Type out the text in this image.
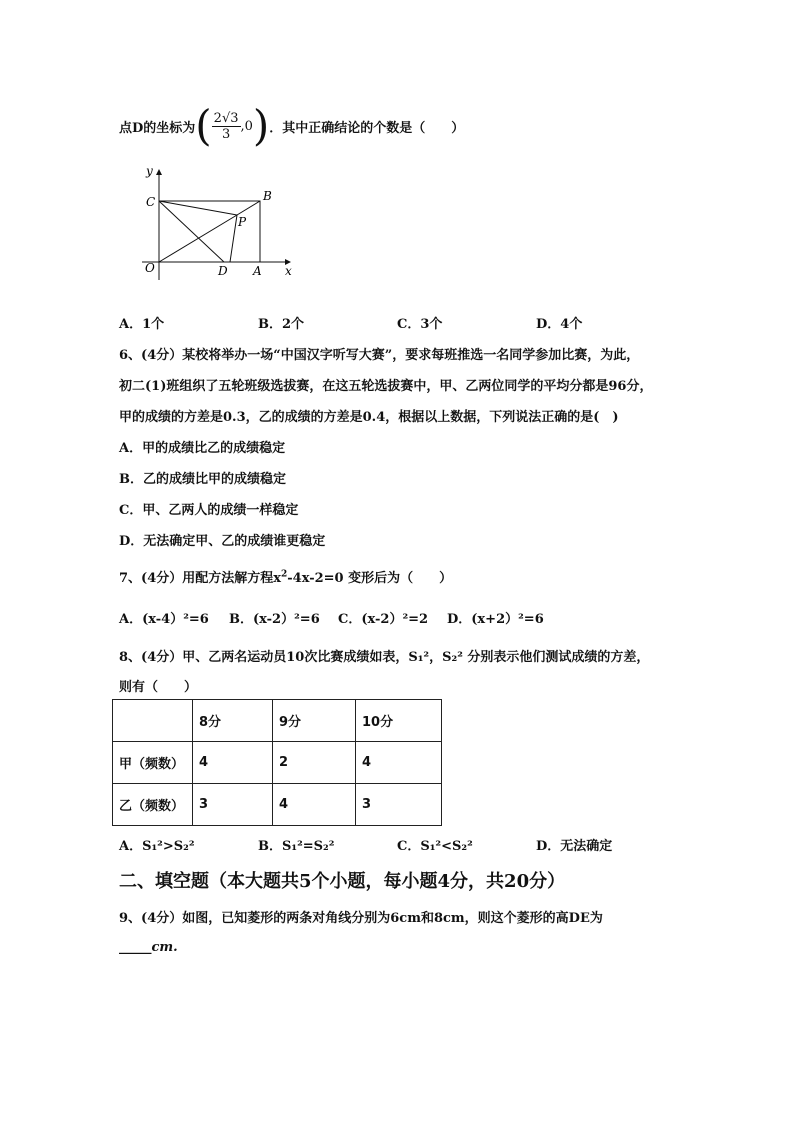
点D的坐标为 ( $\frac{2√3}{3} ,0$ ) ．其中正确结论的个数是（　　）
y
C	B
P
O	D A x
A．1个	B．2个	C．3个	D．4个
6、(4分）某校将举办一场“中国汉字听写大赛”，要求每班推选一名同学参加比赛，为此，
初二(1)班组织了五轮班级选拔赛，在这五轮选拔赛中，甲、乙两位同学的平均分都是96分，
甲的成绩的方差是0.3，乙的成绩的方差是0.4，根据以上数据，下列说法正确的是(　)
A．甲的成绩比乙的成绩稳定
B．乙的成绩比甲的成绩稳定
C．甲、乙两人的成绩一样稳定
D．无法确定甲、乙的成绩谁更稳定
7、(4分）用配方法解方程$x^2-4x-2=0$ 变形后为（　　）
A．(x-4）²=6 B．(x-2）²=6 C．(x-2）²=2 D．(x+2）²=6
8、(4分）甲、乙两名运动员10次比赛成绩如表，S₁²，S₂² 分别表示他们测试成绩的方差，
则有（　　）
	8分	9分	10分
甲（频数）	4	2	4
乙（频数）	3	4	3
A．S₁²>S₂²	B．S₁²=S₂²	C．S₁²<S₂²	D．无法确定
二、填空题（本大题共5个小题，每小题4分，共20分）
9、(4分）如图，已知菱形的两条对角线分别为6cm和8cm，则这个菱形的高DE为
_____cm.
